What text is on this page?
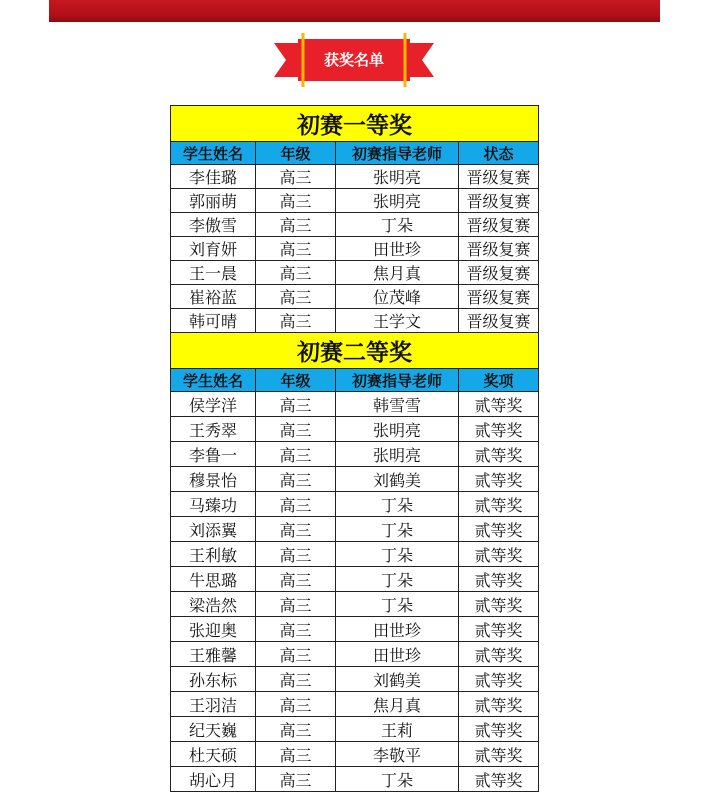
获奖名单
初赛一等奖			
学生姓名	年级	初赛指导老师	状态
李佳璐	高三	张明亮	晋级复赛
郭丽萌	高三	张明亮	晋级复赛
李傲雪	高三	丁朵	晋级复赛
刘育妍	高三	田世珍	晋级复赛
王一晨	高三	焦月真	晋级复赛
崔裕蓝	高三	位茂峰	晋级复赛
韩可晴	高三	王学文	晋级复赛
初赛二等奖			
学生姓名	年级	初赛指导老师	奖项
侯学洋	高三	韩雪雪	贰等奖
王秀翠	高三	张明亮	贰等奖
李鲁一	高三	张明亮	贰等奖
穆景怡	高三	刘鹤美	贰等奖
马臻功	高三	丁朵	贰等奖
刘添翼	高三	丁朵	贰等奖
王利敏	高三	丁朵	贰等奖
牛思璐	高三	丁朵	贰等奖
梁浩然	高三	丁朵	贰等奖
张迎奥	高三	田世珍	贰等奖
王雅馨	高三	田世珍	贰等奖
孙东标	高三	刘鹤美	贰等奖
王羽洁	高三	焦月真	贰等奖
纪天巍	高三	王莉	贰等奖
杜天硕	高三	李敬平	贰等奖
胡心月	高三	丁朵	贰等奖
